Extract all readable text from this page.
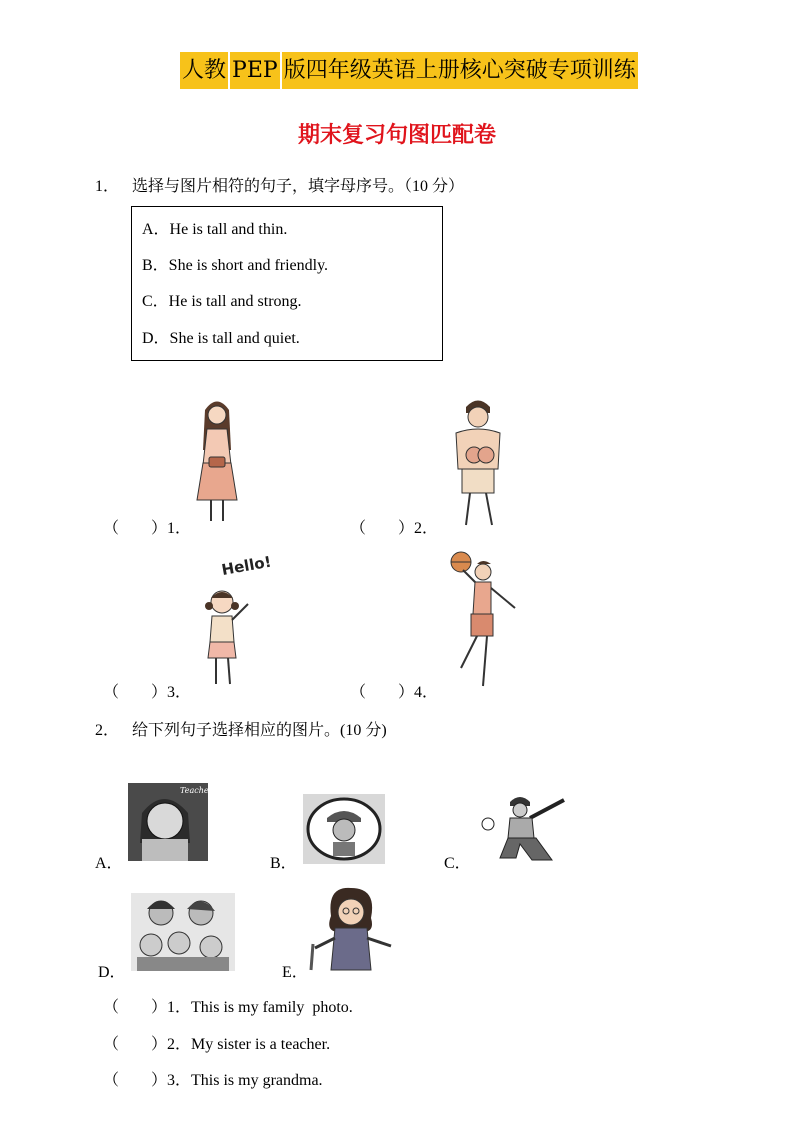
人教 PEP 版四年级英语上册核心突破专项训练
期末复习句图匹配卷
1． 选择与图片相符的句子，填字母序号。（10 分）
A．He is tall and thin.
B．She is short and friendly.
C．He is tall and strong.
D．She is tall and quiet.
（　　）1．	（　　）2．
Hello!
（　　）3．	（　　）4．
2． 给下列句子选择相应的图片。(10 分)
Teacher
A．	B．	C．
D．	E．
（　　）1．This is my family  photo.
（　　）2．My sister is a teacher.
（　　）3．This is my grandma.
